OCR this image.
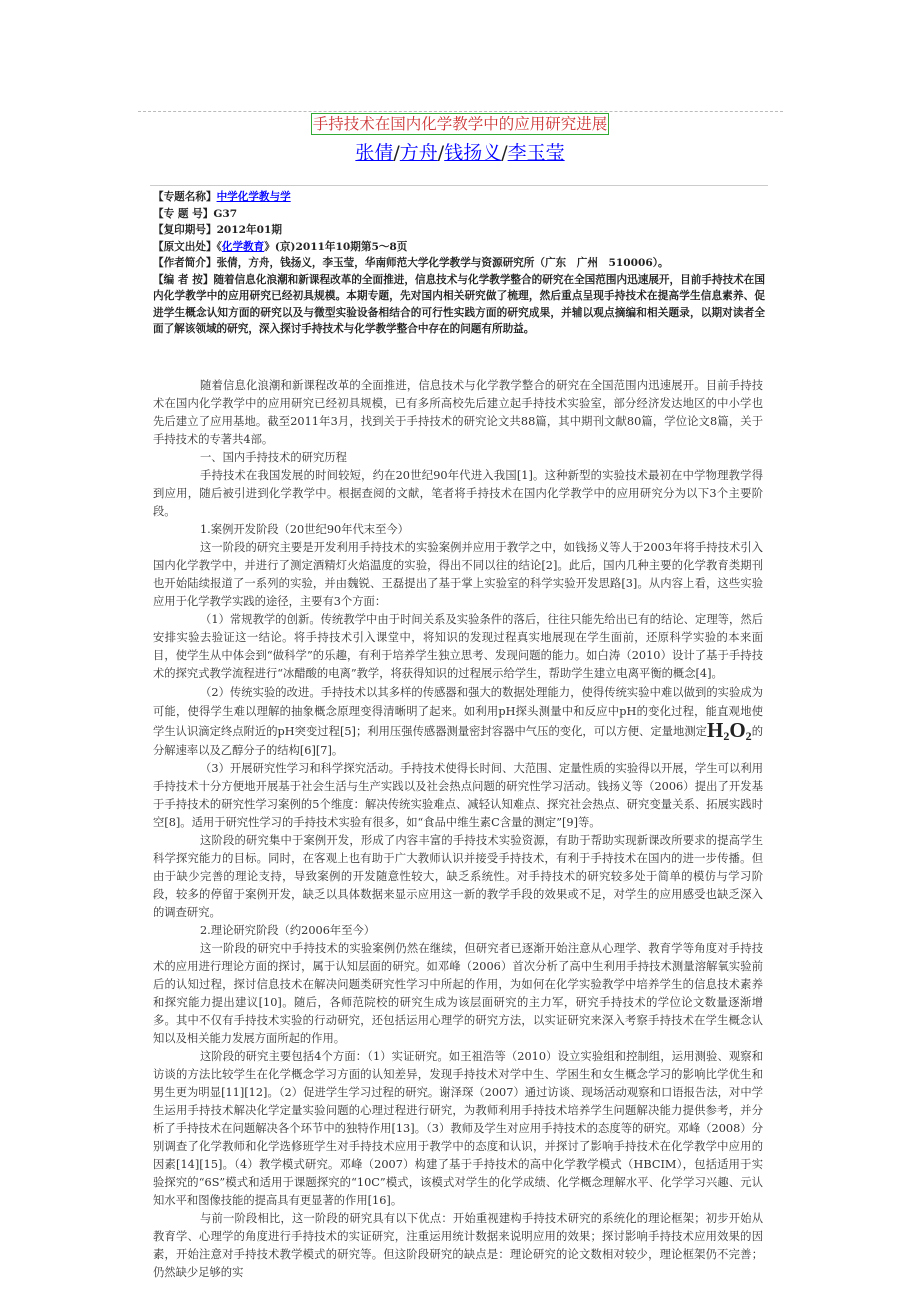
手持技术在国内化学教学中的应用研究进展
张倩/方舟/钱扬义/李玉莹
【专题名称】中学化学教与学
【专 题 号】G37
【复印期号】2012年01期
【原文出处】《化学教育》(京)2011年10期第5～8页
【作者简介】张倩，方舟，钱扬义，李玉莹，华南师范大学化学教学与资源研究所（广东　广州　510006）。
【编 者 按】随着信息化浪潮和新课程改革的全面推进，信息技术与化学教学整合的研究在全国范围内迅速展开，目前手持技术在国内化学教学中的应用研究已经初具规模。本期专题，先对国内相关研究做了梳理，然后重点呈现手持技术在提高学生信息素养、促进学生概念认知方面的研究以及与微型实验设备相结合的可行性实践方面的研究成果，并辅以观点摘编和相关题录，以期对读者全面了解该领域的研究，深入探讨手持技术与化学教学整合中存在的问题有所助益。

随着信息化浪潮和新课程改革的全面推进，信息技术与化学教学整合的研究在全国范围内迅速展开。目前手持技术在国内化学教学中的应用研究已经初具规模，已有多所高校先后建立起手持技术实验室，部分经济发达地区的中小学也先后建立了应用基地。截至2011年3月，找到关于手持技术的研究论文共88篇，其中期刊文献80篇，学位论文8篇，关于手持技术的专著共4部。

一、国内手持技术的研究历程

手持技术在我国发展的时间较短，约在20世纪90年代进入我国[1]。这种新型的实验技术最初在中学物理教学得到应用，随后被引进到化学教学中。根据查阅的文献，笔者将手持技术在国内化学教学中的应用研究分为以下3个主要阶段。

1.案例开发阶段（20世纪90年代末至今）

这一阶段的研究主要是开发利用手持技术的实验案例并应用于教学之中，如钱扬义等人于2003年将手持技术引入国内化学教学中，并进行了测定酒精灯火焰温度的实验，得出不同以往的结论[2]。此后，国内几种主要的化学教育类期刊也开始陆续报道了一系列的实验，并由魏锐、王磊提出了基于掌上实验室的科学实验开发思路[3]。从内容上看，这些实验应用于化学教学实践的途径，主要有3个方面：

（1）常规教学的创新。传统教学中由于时间关系及实验条件的落后，往往只能先给出已有的结论、定理等，然后安排实验去验证这一结论。将手持技术引入课堂中，将知识的发现过程真实地展现在学生面前，还原科学实验的本来面目，使学生从中体会到“做科学”的乐趣，有利于培养学生独立思考、发现问题的能力。如白涛（2010）设计了基于手持技术的探究式教学流程进行“冰醋酸的电离”教学，将获得知识的过程展示给学生，帮助学生建立电离平衡的概念[4]。

（2）传统实验的改进。手持技术以其多样的传感器和强大的数据处理能力，使得传统实验中难以做到的实验成为可能，使得学生难以理解的抽象概念原理变得清晰明了起来。如利用pH探头测量中和反应中pH的变化过程，能直观地使学生认识滴定终点附近的pH突变过程[5]；利用压强传感器测量密封容器中气压的变化，可以方便、定量地测定$H_2O_2$的分解速率以及乙醇分子的结构[6][7]。

（3）开展研究性学习和科学探究活动。手持技术使得长时间、大范围、定量性质的实验得以开展，学生可以利用手持技术十分方便地开展基于社会生活与生产实践以及社会热点问题的研究性学习活动。钱扬义等（2006）提出了开发基于手持技术的研究性学习案例的5个维度：解决传统实验难点、减轻认知难点、探究社会热点、研究变量关系、拓展实践时空[8]。适用于研究性学习的手持技术实验有很多，如“食品中维生素C含量的测定”[9]等。

这阶段的研究集中于案例开发，形成了内容丰富的手持技术实验资源，有助于帮助实现新课改所要求的提高学生科学探究能力的目标。同时，在客观上也有助于广大教师认识并接受手持技术，有利于手持技术在国内的进一步传播。但由于缺少完善的理论支持，导致案例的开发随意性较大，缺乏系统性。对手持技术的研究较多处于简单的模仿与学习阶段，较多的停留于案例开发，缺乏以具体数据来显示应用这一新的教学手段的效果或不足，对学生的应用感受也缺乏深入的调查研究。

2.理论研究阶段（约2006年至今）

这一阶段的研究中手持技术的实验案例仍然在继续，但研究者已逐渐开始注意从心理学、教育学等角度对手持技术的应用进行理论方面的探讨，属于认知层面的研究。如邓峰（2006）首次分析了高中生利用手持技术测量溶解氧实验前后的认知过程，探讨信息技术在解决问题类研究性学习中所起的作用，为如何在化学实验教学中培养学生的信息技术素养和探究能力提出建议[10]。随后，各师范院校的研究生成为该层面研究的主力军，研究手持技术的学位论文数量逐渐增多。其中不仅有手持技术实验的行动研究，还包括运用心理学的研究方法，以实证研究来深入考察手持技术在学生概念认知以及相关能力发展方面所起的作用。

这阶段的研究主要包括4个方面：（1）实证研究。如王祖浩等（2010）设立实验组和控制组，运用测验、观察和访谈的方法比较学生在化学概念学习方面的认知差异，发现手持技术对学中生、学困生和女生概念学习的影响比学优生和男生更为明显[11][12]。（2）促进学生学习过程的研究。谢泽琛（2007）通过访谈、现场活动观察和口语报告法，对中学生运用手持技术解决化学定量实验问题的心理过程进行研究，为教师利用手持技术培养学生问题解决能力提供参考，并分析了手持技术在问题解决各个环节中的独特作用[13]。（3）教师及学生对应用手持技术的态度等的研究。邓峰（2008）分别调查了化学教师和化学选修班学生对手持技术应用于教学中的态度和认识，并探讨了影响手持技术在化学教学中应用的因素[14][15]。（4）教学模式研究。邓峰（2007）构建了基于手持技术的高中化学教学模式（HBCIM），包括适用于实验探究的“6S”模式和适用于课题探究的“10C”模式，该模式对学生的化学成绩、化学概念理解水平、化学学习兴趣、元认知水平和图像技能的提高具有更显著的作用[16]。

与前一阶段相比，这一阶段的研究具有以下优点：开始重视建构手持技术研究的系统化的理论框架；初步开始从教育学、心理学的角度进行手持技术的实证研究，注重运用统计数据来说明应用的效果；探讨影响手持技术应用效果的因素，开始注意对手持技术教学模式的研究等。但这阶段研究的缺点是：理论研究的论文数相对较少，理论框架仍不完善；仍然缺少足够的实
